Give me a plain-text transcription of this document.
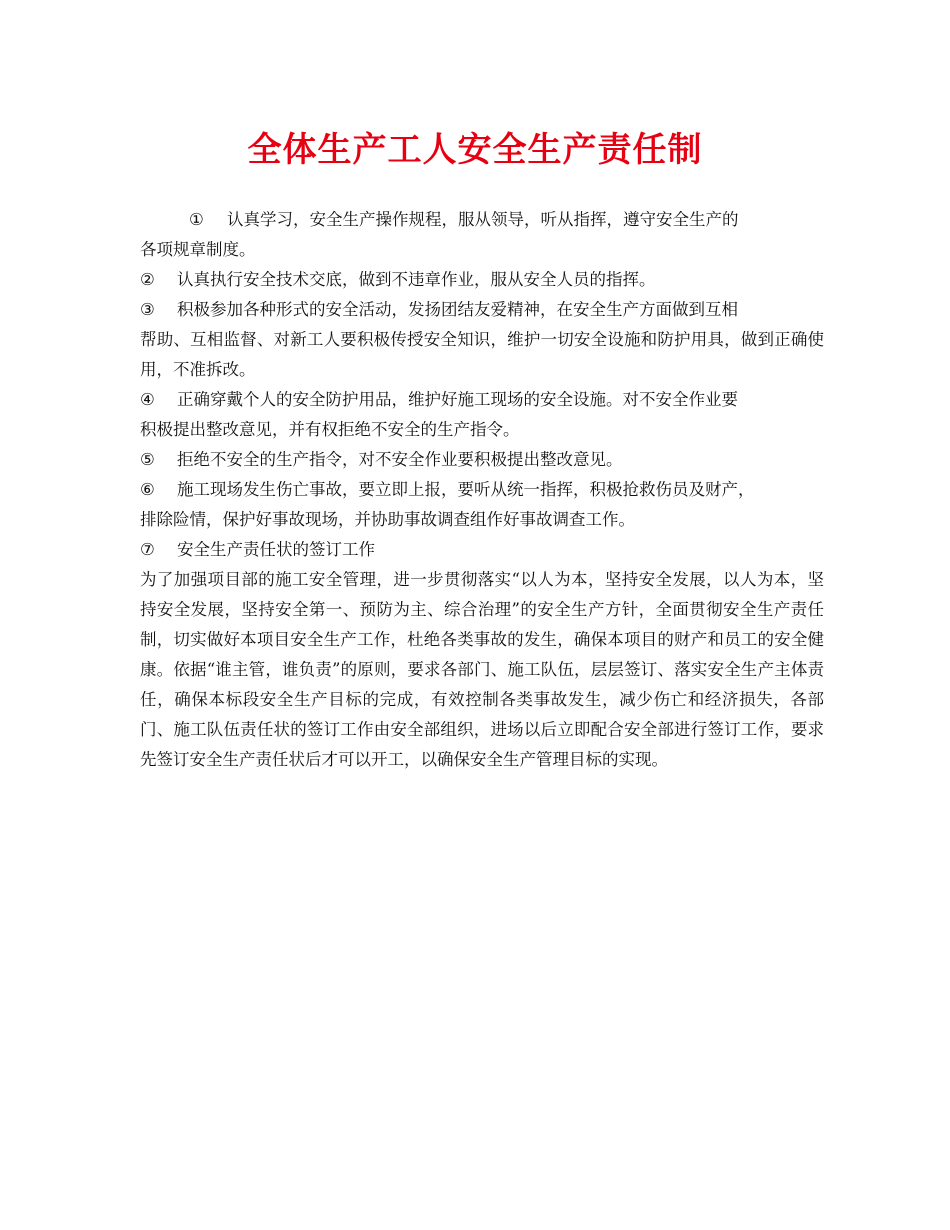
全体生产工人安全生产责任制
①	认真学习，安全生产操作规程，服从领导，听从指挥，遵守安全生产的
各项规章制度。
②	认真执行安全技术交底，做到不违章作业，服从安全人员的指挥。
③	积极参加各种形式的安全活动，发扬团结友爱精神，在安全生产方面做到互相
帮助、互相监督、对新工人要积极传授安全知识，维护一切安全设施和防护用具，做到正确使用，不准拆改。
④	正确穿戴个人的安全防护用品，维护好施工现场的安全设施。对不安全作业要
积极提出整改意见，并有权拒绝不安全的生产指令。
⑤	拒绝不安全的生产指令，对不安全作业要积极提出整改意见。
⑥	施工现场发生伤亡事故，要立即上报，要听从统一指挥，积极抢救伤员及财产，
排除险情，保护好事故现场，并协助事故调查组作好事故调查工作。
⑦	安全生产责任状的签订工作

为了加强项目部的施工安全管理，进一步贯彻落实“以人为本，坚持安全发展，以人为本，坚持安全发展，坚持安全第一、预防为主、综合治理”的安全生产方针，全面贯彻安全生产责任制，切实做好本项目安全生产工作，杜绝各类事故的发生，确保本项目的财产和员工的安全健康。依据“谁主管，谁负责”的原则，要求各部门、施工队伍，层层签订、落实安全生产主体责任，确保本标段安全生产目标的完成，有效控制各类事故发生，减少伤亡和经济损失，各部门、施工队伍责任状的签订工作由安全部组织，进场以后立即配合安全部进行签订工作，要求先签订安全生产责任状后才可以开工，以确保安全生产管理目标的实现。
